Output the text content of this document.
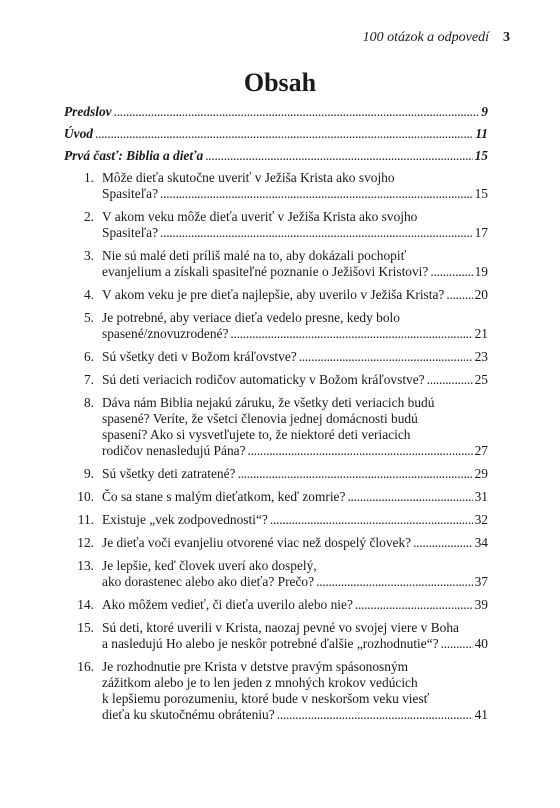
100 otázok a odpovedí 3
Obsah
Predslov . . .	9
Úvod . . .	11
Prvá časť: Biblia a dieťa . . .	15
1. Môže dieťa skutočne uveriť v Ježiša Krista ako svojho
Spasiteľa? . . .	15
2. V akom veku môže dieťa uveriť v Ježiša Krista ako svojho
Spasiteľa? . . .	17
3. Nie sú malé deti príliš malé na to, aby dokázali pochopiť
evanjelium a získali spasiteľné poznanie o Ježišovi Kristovi? . . .	19
4. V akom veku je pre dieťa najlepšie, aby uverilo v Ježiša Krista? . . . 20
5. Je potrebné, aby veriace dieťa vedelo presne, kedy bolo
spasené/znovuzrodené? . . .	21
6. Sú všetky deti v Božom kráľovstve? . . .	23
7. Sú deti veriacich rodičov automaticky v Božom kráľovstve? . . .	25
8. Dáva nám Biblia nejakú záruku, že všetky deti veriacich budú
spasené? Veríte, že všetci členovia jednej domácnosti budú
spasení? Ako si vysvetľujete to, že niektoré deti veriacich
rodičov nenasledujú Pána? . . .	27
9. Sú všetky deti zatratené? . . .	29
10. Čo sa stane s malým dieťatkom, keď zomrie? . . .	31
11. Existuje „vek zodpovednosti“? . . .	32
12. Je dieťa voči evanjeliu otvorené viac než dospelý človek? . . .	34
13. Je lepšie, keď človek uverí ako dospelý,
ako dorastenec alebo ako dieťa? Prečo? . . .	37
14. Ako môžem vedieť, či dieťa uverilo alebo nie? . . .	39
15. Sú deti, ktoré uverili v Krista, naozaj pevné vo svojej viere v Boha
a nasledujú Ho alebo je neskôr potrebné ďalšie „rozhodnutie“? . . .	40
16. Je rozhodnutie pre Krista v detstve pravým spásonosným
zážitkom alebo je to len jeden z mnohých krokov vedúcich
k lepšiemu porozumeniu, ktoré bude v neskoršom veku viesť
dieťa ku skutočnému obráteniu? . . .	41
